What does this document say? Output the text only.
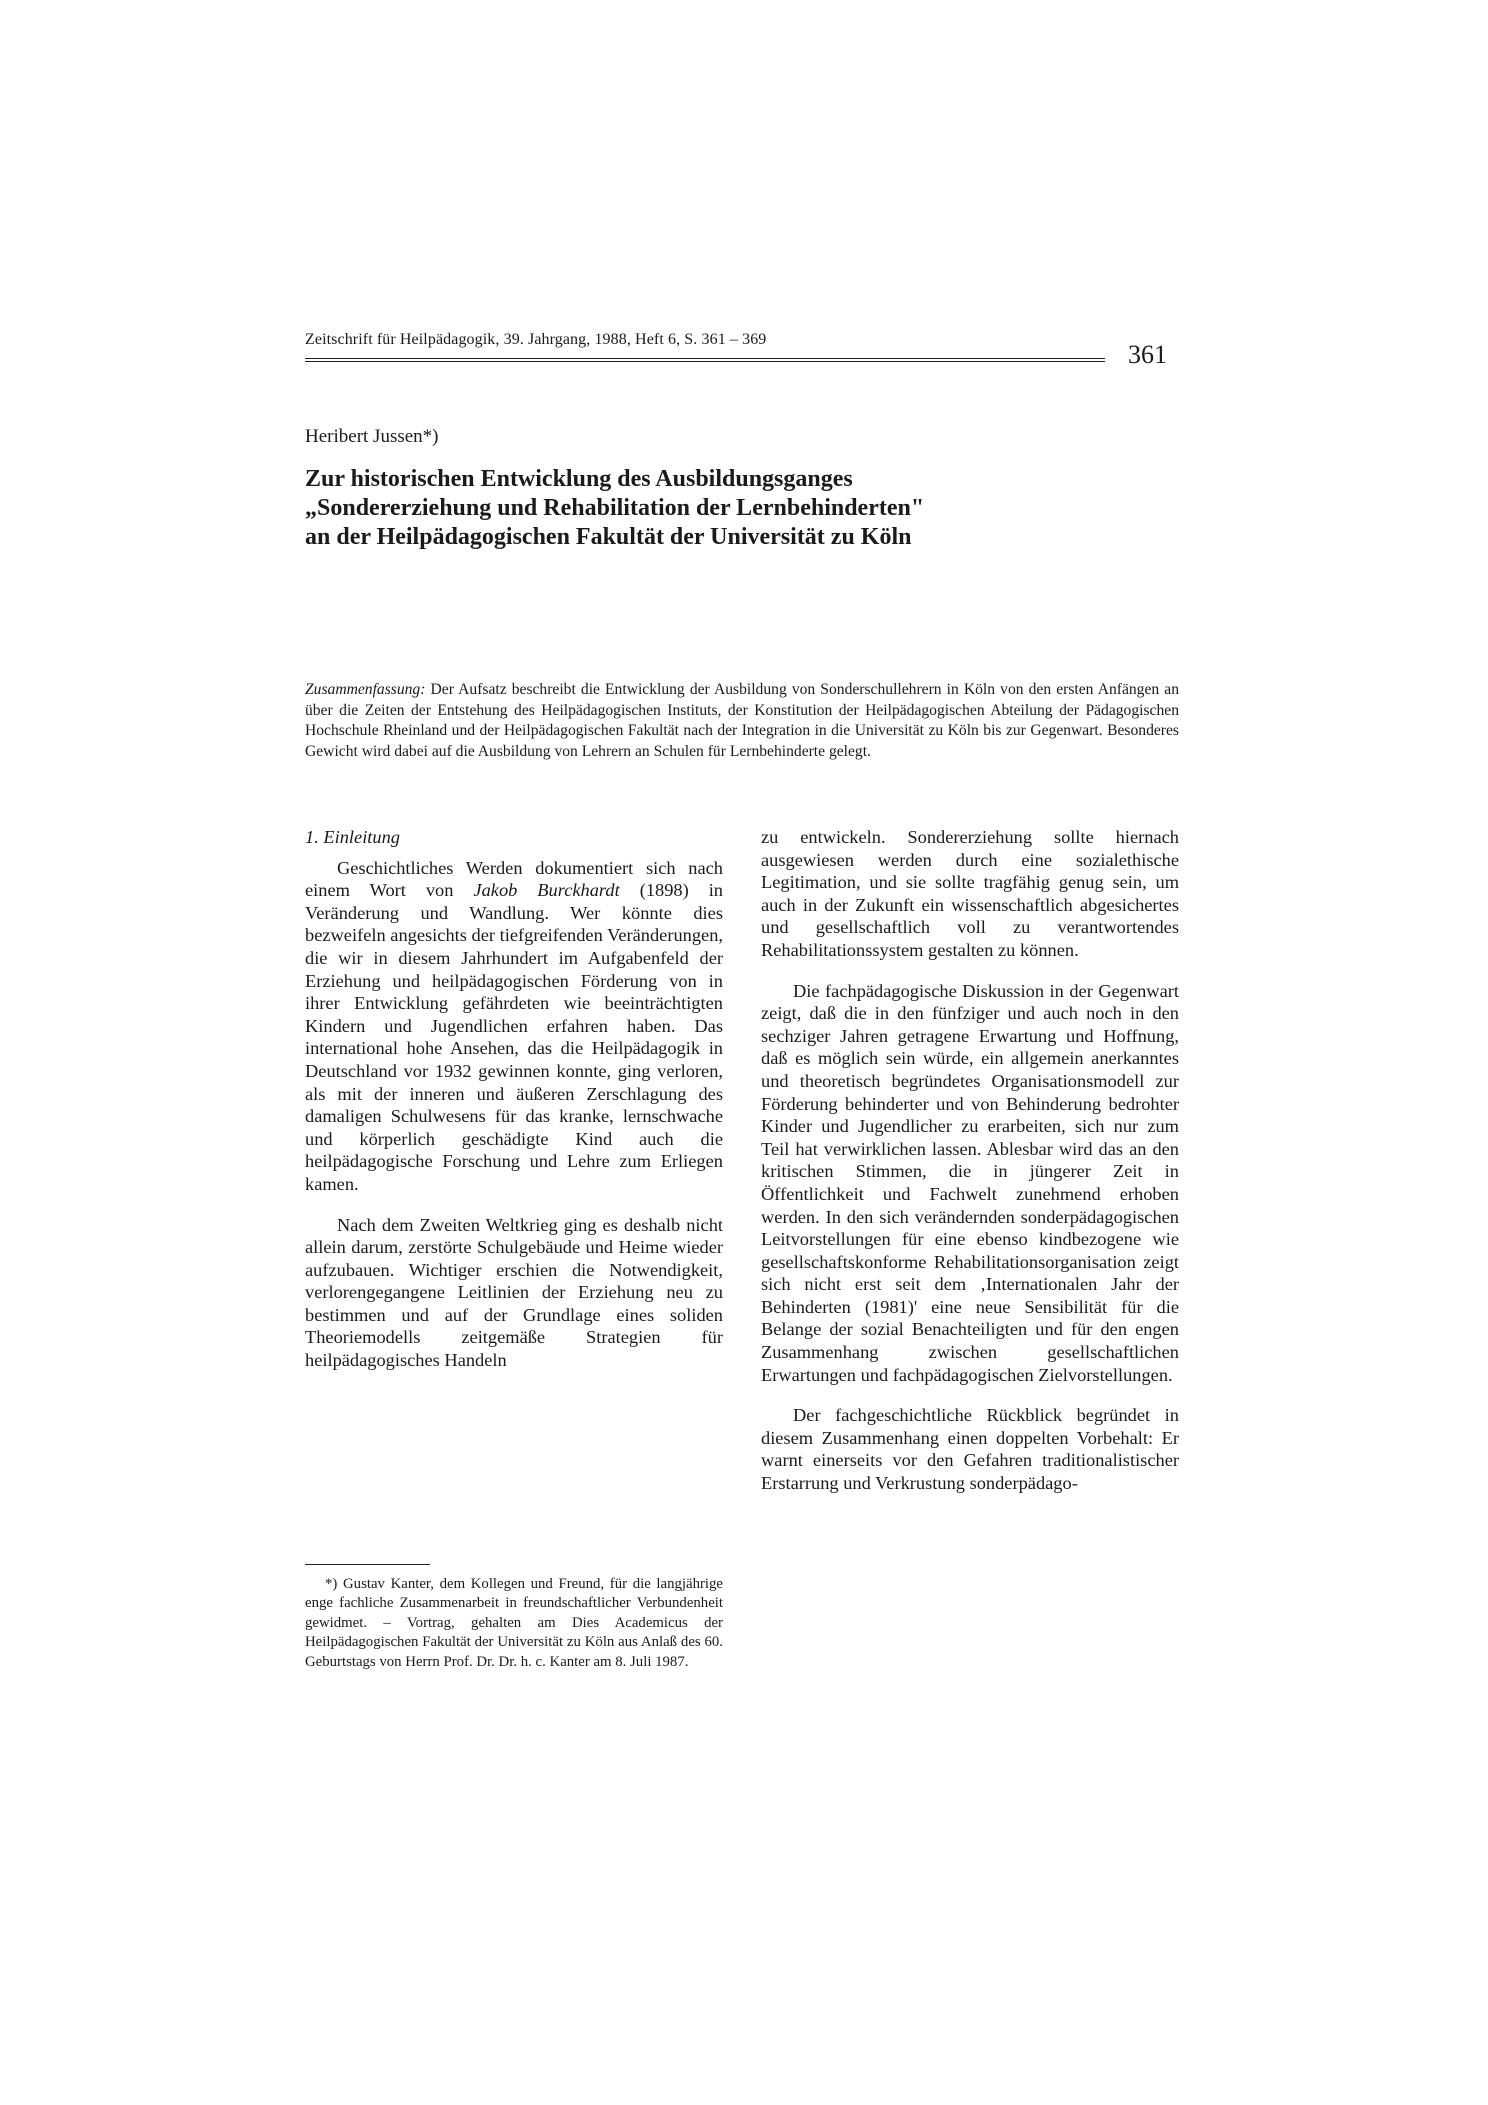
Zeitschrift für Heilpädagogik, 39. Jahrgang, 1988, Heft 6, S. 361 – 369
361
Heribert Jussen*)
Zur historischen Entwicklung des Ausbildungsganges
„Sondererziehung und Rehabilitation der Lernbehinderten"
an der Heilpädagogischen Fakultät der Universität zu Köln
Zusammenfassung: Der Aufsatz beschreibt die Entwicklung der Ausbildung von Sonderschullehrern in Köln von den ersten Anfängen an über die Zeiten der Entstehung des Heilpädagogischen Instituts, der Konstitution der Heilpädagogischen Abteilung der Pädagogischen Hochschule Rheinland und der Heilpädagogischen Fakultät nach der Integration in die Universität zu Köln bis zur Gegenwart. Besonderes Gewicht wird dabei auf die Ausbildung von Lehrern an Schulen für Lernbehinderte gelegt.
1. Einleitung

Geschichtliches Werden dokumentiert sich nach einem Wort von Jakob Burckhardt (1898) in Veränderung und Wandlung. Wer könnte dies bezweifeln angesichts der tiefgreifenden Veränderungen, die wir in diesem Jahrhundert im Aufgabenfeld der Erziehung und heilpädagogischen Förderung von in ihrer Entwicklung gefährdeten wie beeinträchtigten Kindern und Jugendlichen erfahren haben. Das international hohe Ansehen, das die Heilpädagogik in Deutschland vor 1932 gewinnen konnte, ging verloren, als mit der inneren und äußeren Zerschlagung des damaligen Schulwesens für das kranke, lernschwache und körperlich geschädigte Kind auch die heilpädagogische Forschung und Lehre zum Erliegen kamen.

Nach dem Zweiten Weltkrieg ging es deshalb nicht allein darum, zerstörte Schulgebäude und Heime wieder aufzubauen. Wichtiger erschien die Notwendigkeit, verlorengegangene Leitlinien der Erziehung neu zu bestimmen und auf der Grundlage eines soliden Theoriemodells zeitgemäße Strategien für heilpädagogisches Handeln

*) Gustav Kanter, dem Kollegen und Freund, für die langjährige enge fachliche Zusammenarbeit in freundschaftlicher Verbundenheit gewidmet. – Vortrag, gehalten am Dies Academicus der Heilpädagogischen Fakultät der Universität zu Köln aus Anlaß des 60. Geburtstags von Herrn Prof. Dr. Dr. h. c. Kanter am 8. Juli 1987.

zu entwickeln. Sondererziehung sollte hiernach ausgewiesen werden durch eine sozialethische Legitimation, und sie sollte tragfähig genug sein, um auch in der Zukunft ein wissenschaftlich abgesichertes und gesellschaftlich voll zu verantwortendes Rehabilitationssystem gestalten zu können.

Die fachpädagogische Diskussion in der Gegenwart zeigt, daß die in den fünfziger und auch noch in den sechziger Jahren getragene Erwartung und Hoffnung, daß es möglich sein würde, ein allgemein anerkanntes und theoretisch begründetes Organisationsmodell zur Förderung behinderter und von Behinderung bedrohter Kinder und Jugendlicher zu erarbeiten, sich nur zum Teil hat verwirklichen lassen. Ablesbar wird das an den kritischen Stimmen, die in jüngerer Zeit in Öffentlichkeit und Fachwelt zunehmend erhoben werden. In den sich verändernden sonderpädagogischen Leitvorstellungen für eine ebenso kindbezogene wie gesellschaftskonforme Rehabilitationsorganisation zeigt sich nicht erst seit dem ‚Internationalen Jahr der Behinderten (1981)' eine neue Sensibilität für die Belange der sozial Benachteiligten und für den engen Zusammenhang zwischen gesellschaftlichen Erwartungen und fachpädagogischen Zielvorstellungen.

Der fachgeschichtliche Rückblick begründet in diesem Zusammenhang einen doppelten Vorbehalt: Er warnt einerseits vor den Gefahren traditionalistischer Erstarrung und Verkrustung sonderpädago-
